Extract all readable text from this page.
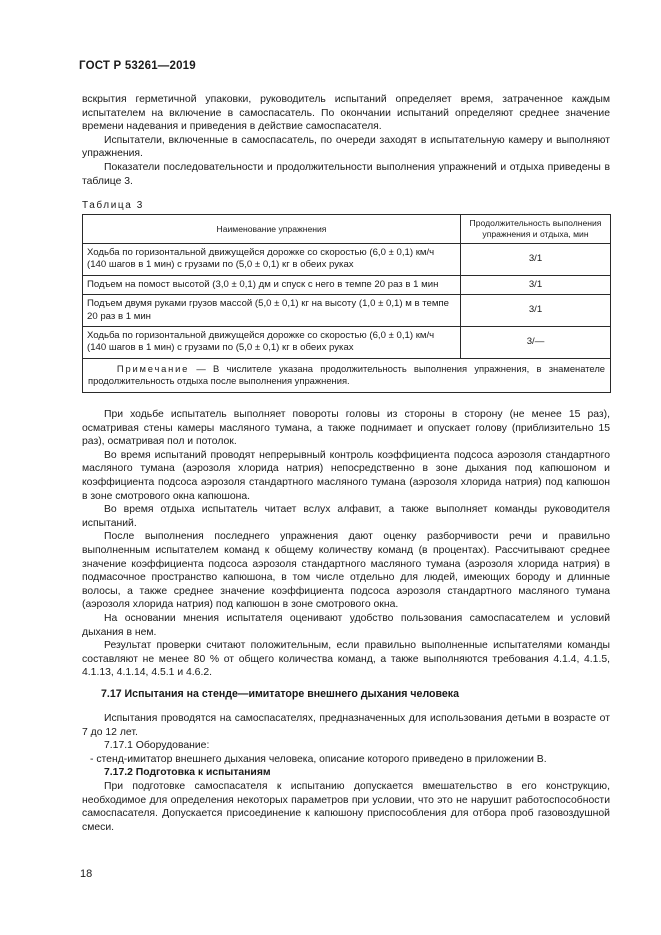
ГОСТ Р 53261—2019

вскрытия герметичной упаковки, руководитель испытаний определяет время, затраченное каждым испытателем на включение в самоспасатель. По окончании испытаний определяют среднее значение времени надевания и приведения в действие самоспасателя.

Испытатели, включенные в самоспасатель, по очереди заходят в испытательную камеру и выполняют упражнения.

Показатели последовательности и продолжительности выполнения упражнений и отдыха приведены в таблице 3.

Таблица 3
Наименование упражнения	Продолжительность выполнения упражнения и отдыха, мин
Ходьба по горизонтальной движущейся дорожке со скоростью (6,0 ± 0,1) км/ч (140 шагов в 1 мин) с грузами по (5,0 ± 0,1) кг в обеих руках	3/1
Подъем на помост высотой (3,0 ± 0,1) дм и спуск с него в темпе 20 раз в 1 мин	3/1
Подъем двумя руками грузов массой (5,0 ± 0,1) кг на высоту (1,0 ± 0,1) м в темпе 20 раз в 1 мин	3/1
Ходьба по горизонтальной движущейся дорожке со скоростью (6,0 ± 0,1) км/ч (140 шагов в 1 мин) с грузами по (5,0 ± 0,1) кг в обеих руках	3/—
Примечание — В числителе указана продолжительность выполнения упражнения, в знаменателе продолжительность отдыха после выполнения упражнения.	

При ходьбе испытатель выполняет повороты головы из стороны в сторону (не менее 15 раз), осматривая стены камеры масляного тумана, а также поднимает и опускает голову (приблизительно 15 раз), осматривая пол и потолок.

Во время испытаний проводят непрерывный контроль коэффициента подсоса аэрозоля стандартного масляного тумана (аэрозоля хлорида натрия) непосредственно в зоне дыхания под капюшоном и коэффициента подсоса аэрозоля стандартного масляного тумана (аэрозоля хлорида натрия) под капюшон в зоне смотрового окна капюшона.

Во время отдыха испытатель читает вслух алфавит, а также выполняет команды руководителя испытаний.

После выполнения последнего упражнения дают оценку разборчивости речи и правильно выполненным испытателем команд к общему количеству команд (в процентах). Рассчитывают среднее значение коэффициента подсоса аэрозоля стандартного масляного тумана (аэрозоля хлорида натрия) в подмасочное пространство капюшона, в том числе отдельно для людей, имеющих бороду и длинные волосы, а также среднее значение коэффициента подсоса аэрозоля стандартного масляного тумана (аэрозоля хлорида натрия) под капюшон в зоне смотрового окна.

На основании мнения испытателя оценивают удобство пользования самоспасателем и условий дыхания в нем.

Результат проверки считают положительным, если правильно выполненные испытателями команды составляют не менее 80 % от общего количества команд, а также выполняются требования 4.1.4, 4.1.5, 4.1.13, 4.1.14, 4.5.1 и 4.6.2.

7.17 Испытания на стенде—имитаторе внешнего дыхания человека

Испытания проводятся на самоспасателях, предназначенных для использования детьми в возрасте от 7 до 12 лет.

7.17.1 Оборудование:

- стенд-имитатор внешнего дыхания человека, описание которого приведено в приложении В.

7.17.2 Подготовка к испытаниям

При подготовке самоспасателя к испытанию допускается вмешательство в его конструкцию, необходимое для определения некоторых параметров при условии, что это не нарушит работоспособности самоспасателя. Допускается присоединение к капюшону приспособления для отбора проб газовоздушной смеси.

18
